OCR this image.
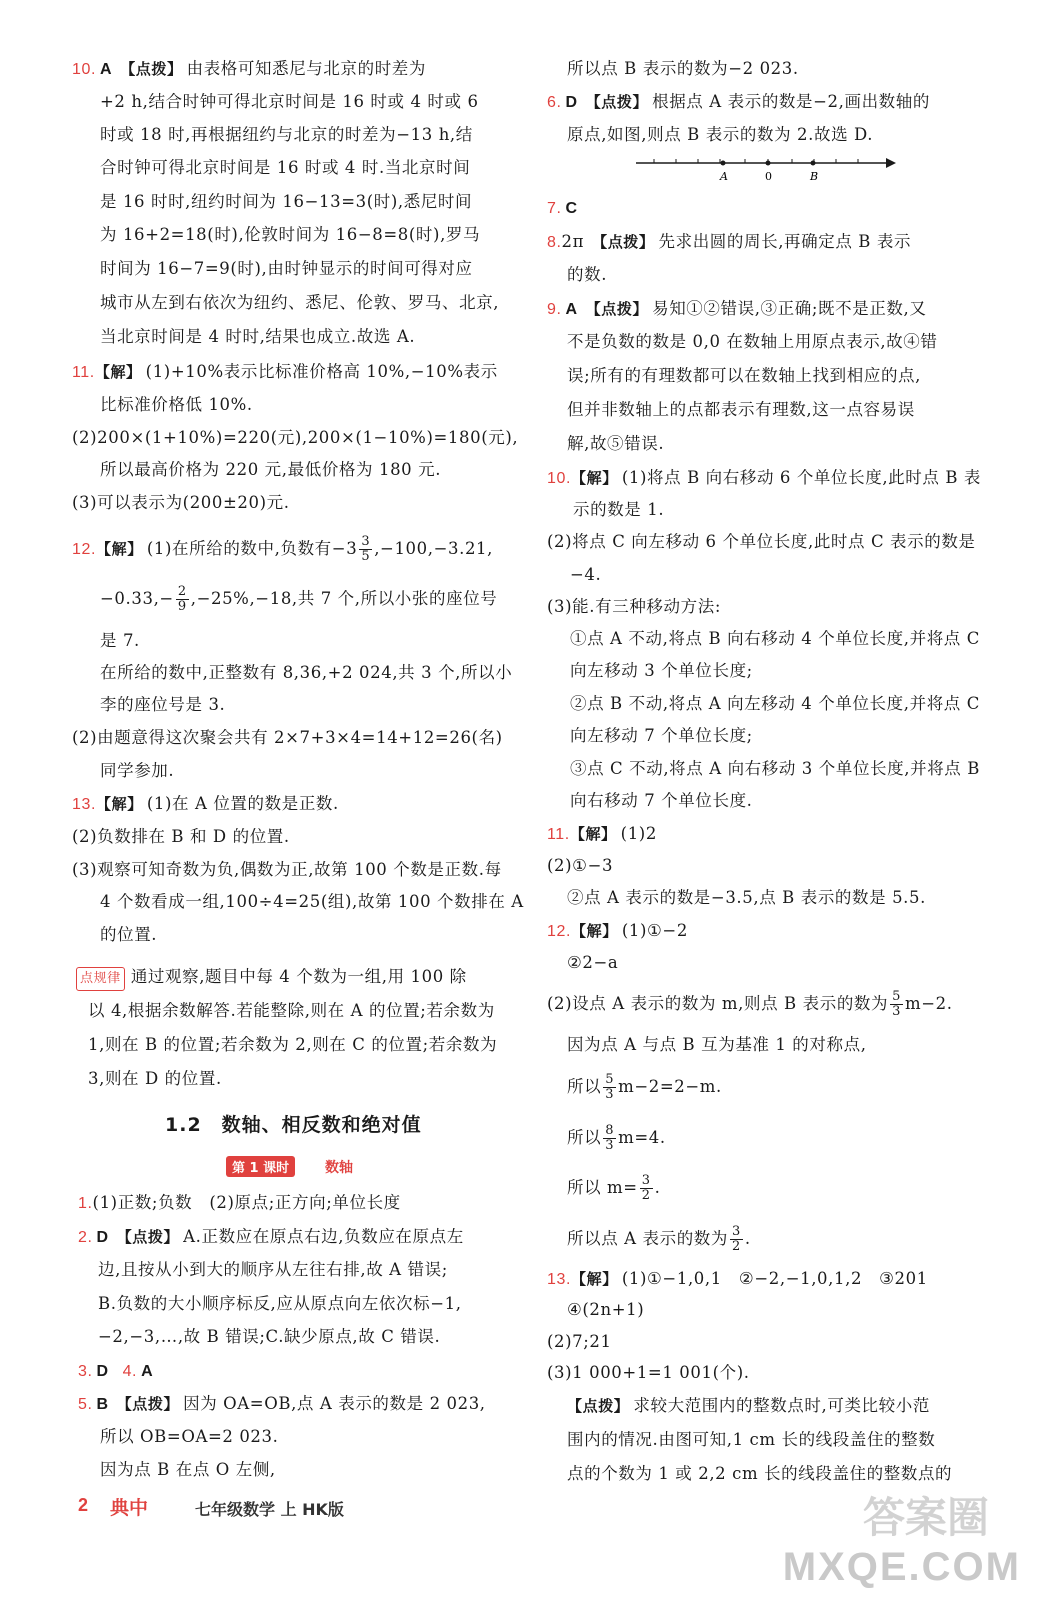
10. A 【点拨】 由表格可知悉尼与北京的时差为
+2 h,结合时钟可得北京时间是 16 时或 4 时或 6
时或 18 时,再根据纽约与北京的时差为−13 h,结
合时钟可得北京时间是 16 时或 4 时.当北京时间
是 16 时时,纽约时间为 16−13=3(时),悉尼时间
为 16+2=18(时),伦敦时间为 16−8=8(时),罗马
时间为 16−7=9(时),由时钟显示的时间可得对应
城市从左到右依次为纽约、悉尼、伦敦、罗马、北京,
当北京时间是 4 时时,结果也成立.故选 A.
11.【解】 (1)+10%表示比标准价格高 10%,−10%表示
比标准价格低 10%.
(2)200×(1+10%)=220(元),200×(1−10%)=180(元),
所以最高价格为 220 元,最低价格为 180 元.
(3)可以表示为(200±20)元.
12.【解】 (1)在所给的数中,负数有$-3 \frac{3}{5} ,-100,-3.21$,
$-0.33,- \frac{2}{9} ,-25\%,-18$,共 7 个,所以小张的座位号
是 7.
在所给的数中,正整数有 8,36,+2 024,共 3 个,所以小
李的座位号是 3.
(2)由题意得这次聚会共有 2×7+3×4=14+12=26(名)
同学参加.
13.【解】 (1)在 A 位置的数是正数.
(2)负数排在 B 和 D 的位置.
(3)观察可知奇数为负,偶数为正,故第 100 个数是正数.每
4 个数看成一组,100÷4=25(组),故第 100 个数排在 A
的位置.
点规律 通过观察,题目中每 4 个数为一组,用 100 除
以 4,根据余数解答.若能整除,则在 A 的位置;若余数为
1,则在 B 的位置;若余数为 2,则在 C 的位置;若余数为
3,则在 D 的位置.
1.2　数轴、相反数和绝对值
第 1 课时	数轴
1.(1)正数;负数　(2)原点;正方向;单位长度
2. D 【点拨】 A.正数应在原点右边,负数应在原点左
边,且按从小到大的顺序从左往右排,故 A 错误;
B.负数的大小顺序标反,应从原点向左依次标−1,
−2,−3,…,故 B 错误;C.缺少原点,故 C 错误.
3. D 4. A
5. B 【点拨】 因为 OA=OB,点 A 表示的数是 2 023,
所以 OB=OA=2 023.
因为点 B 在点 O 左侧,
所以点 B 表示的数为−2 023.
6. D 【点拨】 根据点 A 表示的数是−2,画出数轴的
原点,如图,则点 B 表示的数为 2.故选 D.
A	0	B
7. C
8.2π 【点拨】 先求出圆的周长,再确定点 B 表示
的数.
9. A 【点拨】 易知①②错误,③正确;既不是正数,又
不是负数的数是 0,0 在数轴上用原点表示,故④错
误;所有的有理数都可以在数轴上找到相应的点,
但并非数轴上的点都表示有理数,这一点容易误
解,故⑤错误.
10.【解】 (1)将点 B 向右移动 6 个单位长度,此时点 B 表
示的数是 1.
(2)将点 C 向左移动 6 个单位长度,此时点 C 表示的数是
−4.
(3)能.有三种移动方法:
①点 A 不动,将点 B 向右移动 4 个单位长度,并将点 C
向左移动 3 个单位长度;
②点 B 不动,将点 A 向左移动 4 个单位长度,并将点 C
向左移动 7 个单位长度;
③点 C 不动,将点 A 向右移动 3 个单位长度,并将点 B
向右移动 7 个单位长度.
11.【解】 (1)2
(2)①−3
②点 A 表示的数是−3.5,点 B 表示的数是 5.5.
12.【解】 (1)①−2
②2−a
(2)设点 A 表示的数为 m,则点 B 表示的数为 $\frac{5}{3} m-2$.
因为点 A 与点 B 互为基准 1 的对称点,
所以 $\frac{5}{3} m-2=2-m$.
所以 $\frac{8}{3} m=4$.
所以 $m= \frac{3}{2}$ .
所以点 A 表示的数为 $\frac{3}{2}$ .
13.【解】 (1)①−1,0,1　②−2,−1,0,1,2　③201
④(2n+1)
(2)7;21
(3)1 000+1=1 001(个).
【点拨】 求较大范围内的整数点时,可类比较小范
围内的情况.由图可知,1 cm 长的线段盖住的整数
点的个数为 1 或 2,2 cm 长的线段盖住的整数点的
2 典中	七年级数学 上 HK版	答案圈
MXQE.COM
